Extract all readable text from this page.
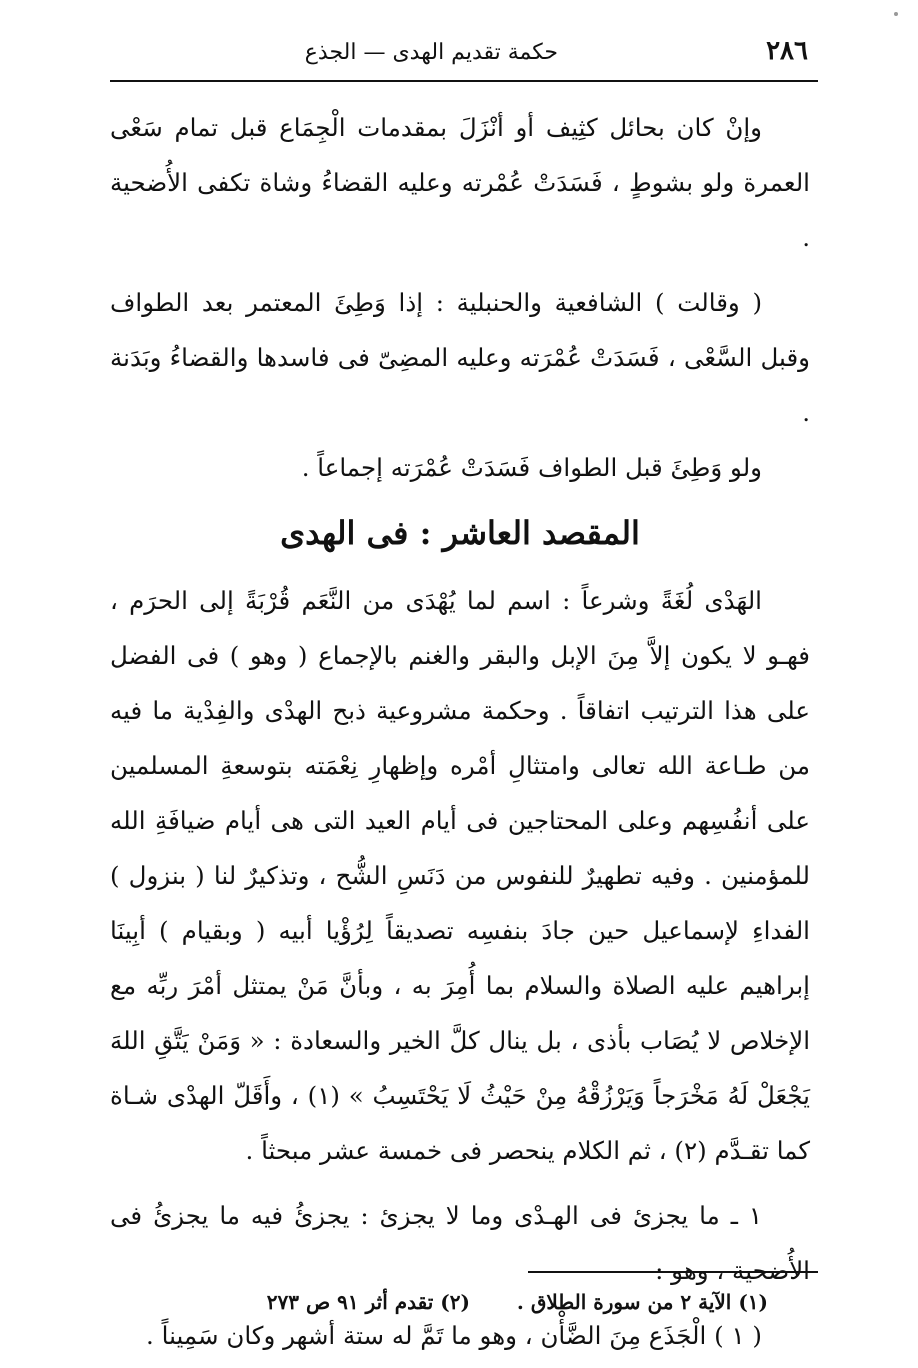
٢٨٦
حكمة تقديم الهدى — الجذع

وإنْ كان بحائل كثِيف أو أنْزَلَ بمقدمات الْجِمَاع قبل تمام سَعْى العمرة ولو بشوطٍ ، فَسَدَتْ عُمْرته وعليه القضاءُ وشاة تكفى الأُضحية .

( وقالت ) الشافعية والحنبلية : إذا وَطِئَ المعتمر بعد الطواف وقبل السَّعْى ، فَسَدَتْ عُمْرَته وعليه المضِىّ فى فاسدها والقضاءُ وبَدَنة .

ولو وَطِئَ قبل الطواف فَسَدَتْ عُمْرَته إجماعاً .

المقصد العاشر : فى الهدى

الهَدْى لُغَةً وشرعاً : اسم لما يُهْدَى من النَّعَم قُرْبَةً إلى الحرَم ، فهـو لا يكون إلاَّ مِنَ الإبل والبقر والغنم بالإجماع ( وهو ) فى الفضل على هذا الترتيب اتفاقاً . وحكمة مشروعية ذبح الهدْى والفِدْية ما فيه من طـاعة الله تعالى وامتثالِ أمْره وإظهارِ نِعْمَته بتوسعةِ المسلمين على أنفُسِهم وعلى المحتاجين فى أيام العيد التى هى أيام ضيافَةِ الله للمؤمنين . وفيه تطهيرٌ للنفوس من دَنَسِ الشُّح ، وتذكيرٌ لنا ( بنزول ) الفداءِ لإسماعيل حين جادَ بنفسِه تصديقاً لِرُؤْيا أبيه ( وبقيام ) أبِينَا إبراهيم عليه الصلاة والسلام بما أُمِرَ به ، وبأنَّ مَنْ يمتثل أمْرَ ربِّه مع الإخلاص لا يُصَاب بأذى ، بل ينال كلَّ الخير والسعادة : « وَمَنْ يَتَّقِ اللهَ يَجْعَلْ لَهُ مَخْرَجاً وَيَرْزُقْهُ مِنْ حَيْثُ لَا يَحْتَسِبُ » (١) ، وأَقَلّ الهدْى شـاة كما تقـدَّم (٢) ، ثم الكلام ينحصر فى خمسة عشر مبحثاً .

١ ـ ما يجزئ فى الهـدْى وما لا يجزئ : يجزئُ فيه ما يجزئُ فى الأُضحية ، وهو :

( ١ ) الْجَذَع مِنَ الضَّأْن ، وهو ما تَمَّ له ستة أشهر وكان سَمِيناً .

(١) الآية ٢ من سورة الطلاق . (٢) تقدم أثر ٩١ ص ٢٧٣
